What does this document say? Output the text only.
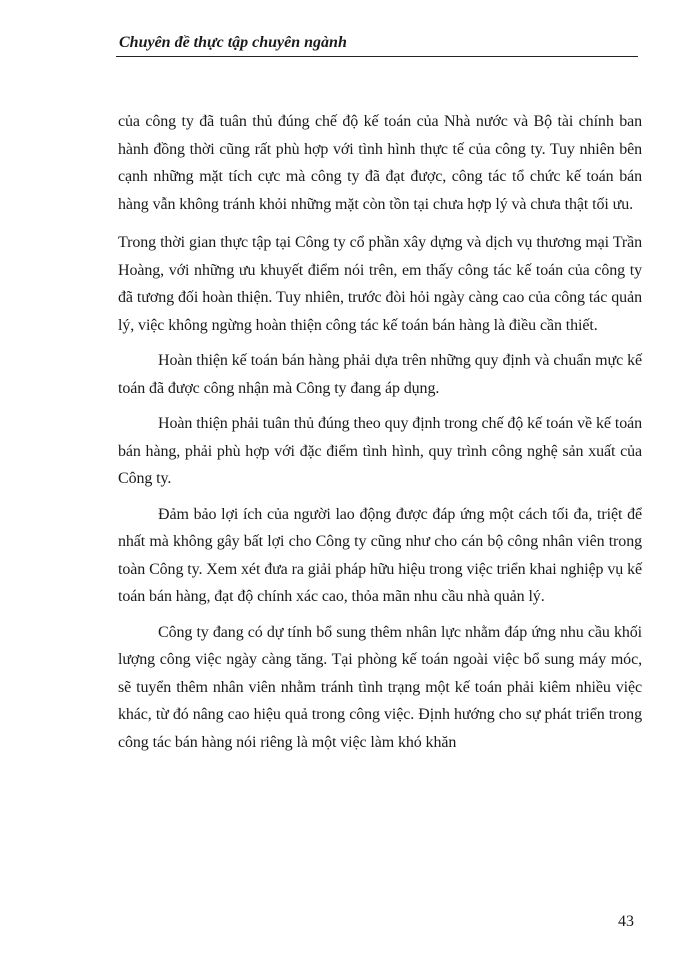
Chuyên đề thực tập chuyên ngành

của công ty đã tuân thủ đúng chế độ kế toán của Nhà nước và Bộ tài chính ban hành đồng thời cũng rất phù hợp với tình hình thực tế của công ty. Tuy nhiên bên cạnh những mặt tích cực mà công ty đã đạt được, công tác tổ chức kế toán bán hàng vẫn không tránh khỏi những mặt còn tồn tại chưa hợp lý và chưa thật tối ưu.

Trong thời gian thực tập tại Công ty cổ phần xây dựng và dịch vụ thương mại Trần Hoàng, với những ưu khuyết điểm nói trên, em thấy công tác kế toán của công ty đã tương đối hoàn thiện. Tuy nhiên, trước đòi hỏi ngày càng cao của công tác quản lý, việc không ngừng hoàn thiện công tác kế toán bán hàng là điều cần thiết.

Hoàn thiện kế toán bán hàng phải dựa trên những quy định và chuẩn mực kế toán đã được công nhận mà Công ty đang áp dụng.

Hoàn thiện phải tuân thủ đúng theo quy định trong chế độ kế toán về kế toán bán hàng, phải phù hợp với đặc điểm tình hình, quy trình công nghệ sản xuất của Công ty.

Đảm bảo lợi ích của người lao động được đáp ứng một cách tối đa, triệt để nhất mà không gây bất lợi cho Công ty cũng như cho cán bộ công nhân viên trong toàn Công ty. Xem xét đưa ra giải pháp hữu hiệu trong việc triển khai nghiệp vụ kế toán bán hàng, đạt độ chính xác cao, thỏa mãn nhu cầu nhà quản lý.

Công ty đang có dự tính bổ sung thêm nhân lực nhằm đáp ứng nhu cầu khối lượng công việc ngày càng tăng. Tại phòng kế toán ngoài việc bổ sung máy móc, sẽ tuyển thêm nhân viên nhằm tránh tình trạng một kế toán phải kiêm nhiều việc khác, từ đó nâng cao hiệu quả trong công việc. Định hướng cho sự phát triển trong công tác bán hàng nói riêng là một việc làm khó khăn

43
